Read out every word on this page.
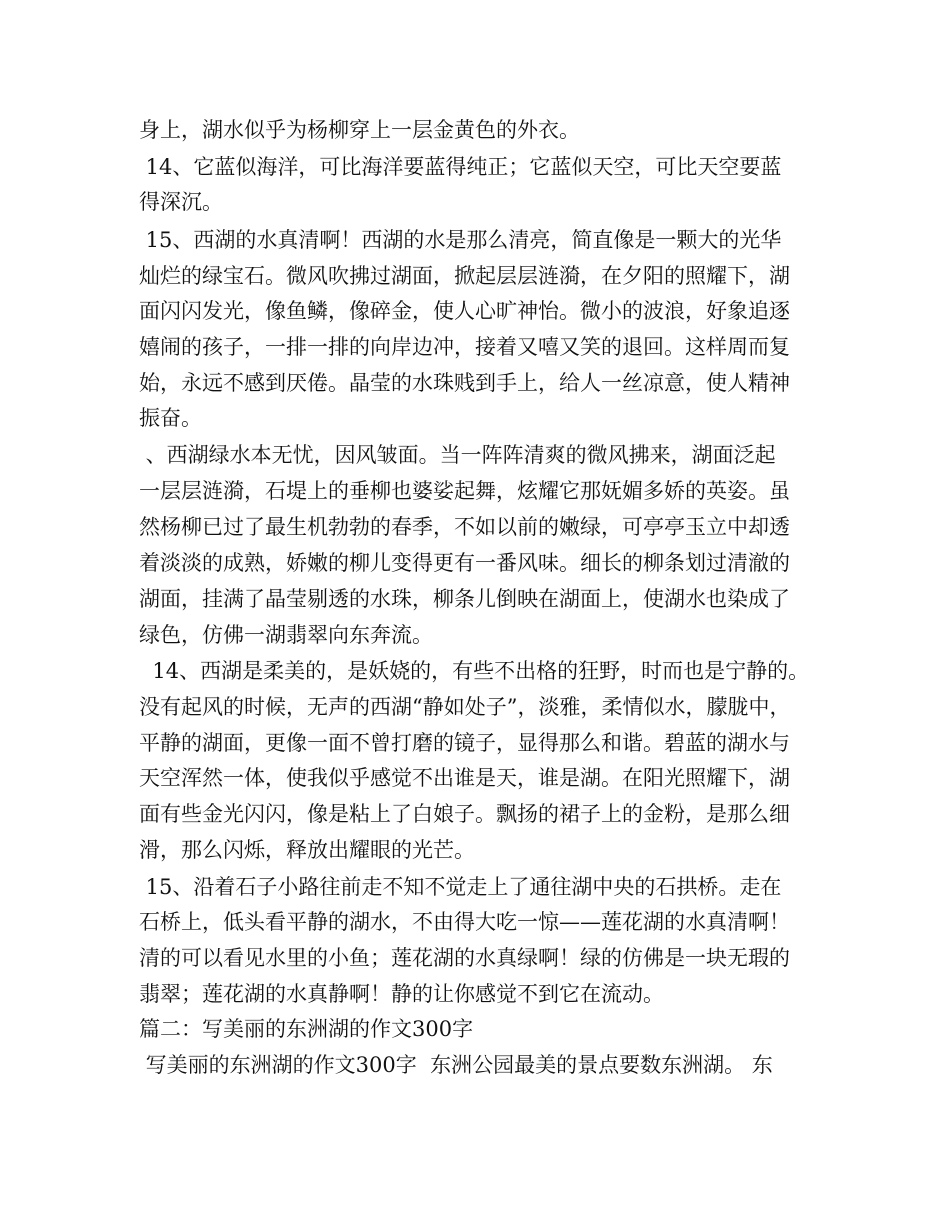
身上，湖水似乎为杨柳穿上一层金黄色的外衣。
14、它蓝似海洋，可比海洋要蓝得纯正；它蓝似天空，可比天空要蓝
得深沉。
15、西湖的水真清啊！西湖的水是那么清亮，简直像是一颗大的光华
灿烂的绿宝石。微风吹拂过湖面，掀起层层涟漪，在夕阳的照耀下，湖
面闪闪发光，像鱼鳞，像碎金，使人心旷神怡。微小的波浪，好象追逐
嬉闹的孩子，一排一排的向岸边冲，接着又嘻又笑的退回。这样周而复
始，永远不感到厌倦。晶莹的水珠贱到手上，给人一丝凉意，使人精神
振奋。
、西湖绿水本无忧，因风皱面。当一阵阵清爽的微风拂来，湖面泛起
一层层涟漪，石堤上的垂柳也婆娑起舞，炫耀它那妩媚多娇的英姿。虽
然杨柳已过了最生机勃勃的春季，不如以前的嫩绿，可亭亭玉立中却透
着淡淡的成熟，娇嫩的柳儿变得更有一番风味。细长的柳条划过清澈的
湖面，挂满了晶莹剔透的水珠，柳条儿倒映在湖面上，使湖水也染成了
绿色，仿佛一湖翡翠向东奔流。
14、西湖是柔美的，是妖娆的，有些不出格的狂野，时而也是宁静的。
没有起风的时候，无声的西湖“静如处子”，淡雅，柔情似水，朦胧中，
平静的湖面，更像一面不曾打磨的镜子，显得那么和谐。碧蓝的湖水与
天空浑然一体，使我似乎感觉不出谁是天，谁是湖。在阳光照耀下，湖
面有些金光闪闪，像是粘上了白娘子。飘扬的裙子上的金粉，是那么细
滑，那么闪烁，释放出耀眼的光芒。
15、沿着石子小路往前走不知不觉走上了通往湖中央的石拱桥。走在
石桥上，低头看平静的湖水，不由得大吃一惊——莲花湖的水真清啊！
清的可以看见水里的小鱼；莲花湖的水真绿啊！绿的仿佛是一块无瑕的
翡翠；莲花湖的水真静啊！静的让你感觉不到它在流动。
篇二：写美丽的东洲湖的作文300字
写美丽的东洲湖的作文300字  东洲公园最美的景点要数东洲湖。 东
